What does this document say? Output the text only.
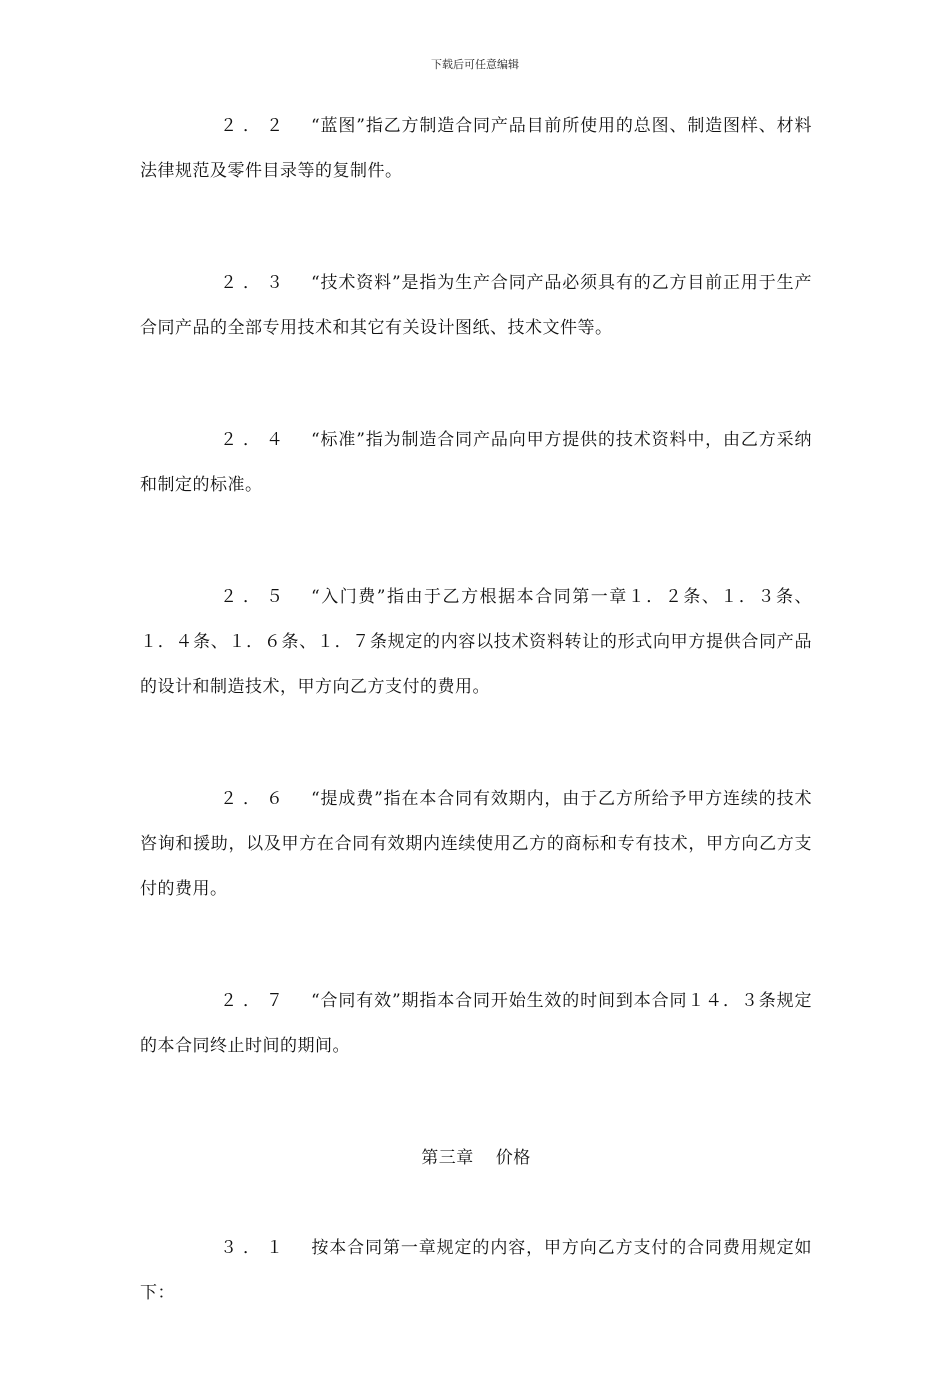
下载后可任意编辑

２．２ “蓝图”指乙方制造合同产品目前所使用的总图、制造图样、材料法律规范及零件目录等的复制件。

２．３ “技术资料”是指为生产合同产品必须具有的乙方目前正用于生产合同产品的全部专用技术和其它有关设计图纸、技术文件等。

２．４ “标准”指为制造合同产品向甲方提供的技术资料中，由乙方采纳和制定的标准。

２．５ “入门费”指由于乙方根据本合同第一章１．２条、１．３条、１．４条、１．６条、１．７条规定的内容以技术资料转让的形式向甲方提供合同产品的设计和制造技术，甲方向乙方支付的费用。

２．６ “提成费”指在本合同有效期内，由于乙方所给予甲方连续的技术咨询和援助，以及甲方在合同有效期内连续使用乙方的商标和专有技术，甲方向乙方支付的费用。

２．７ “合同有效”期指本合同开始生效的时间到本合同１４．３条规定的本合同终止时间的期间。

第三章 价格

３．１ 按本合同第一章规定的内容，甲方向乙方支付的合同费用规定如下：
